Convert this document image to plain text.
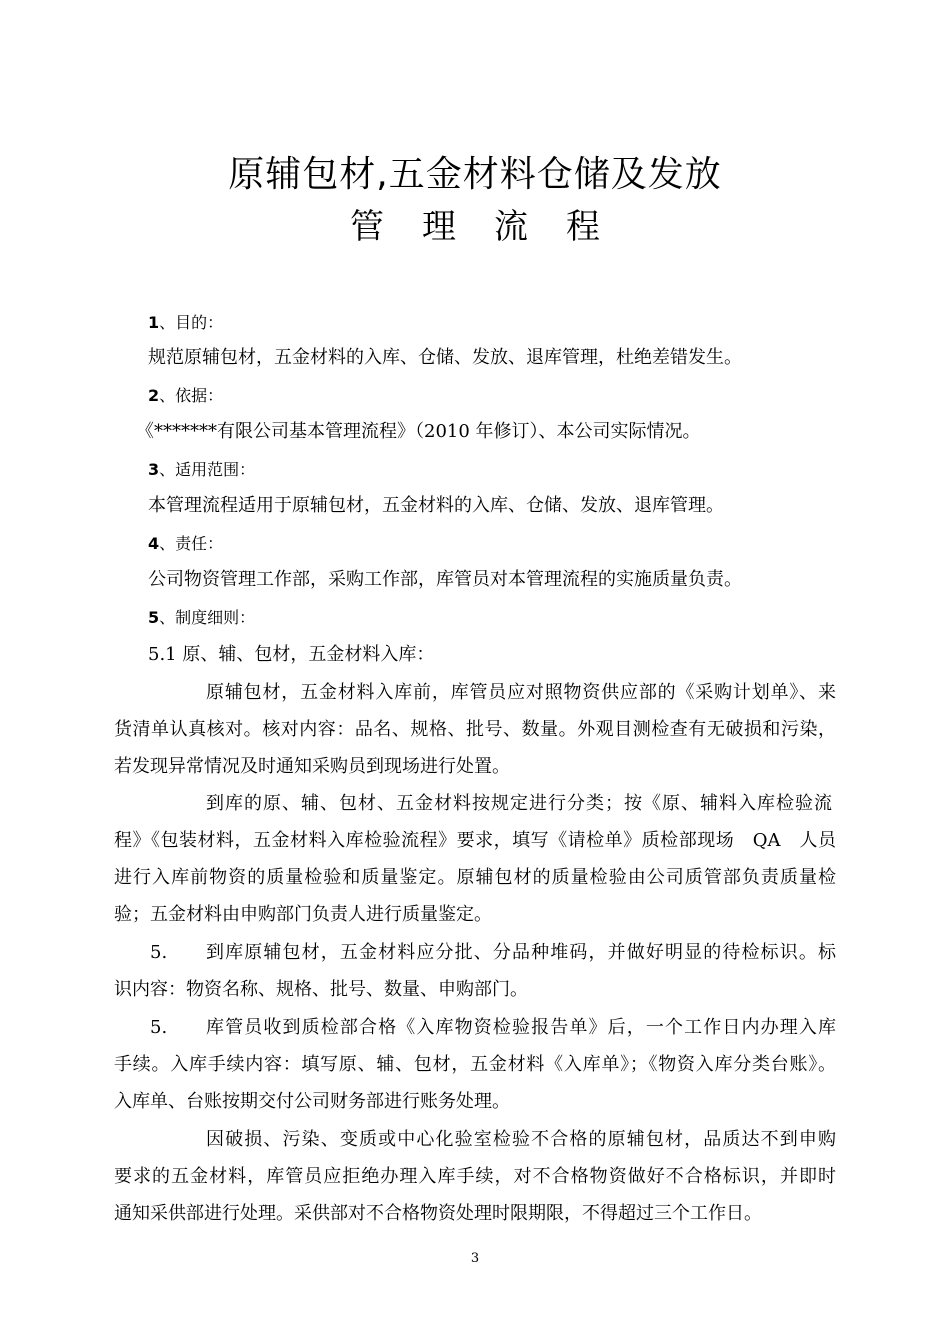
原辅包材,五金材料仓储及发放
管理流程
1、目的：
规范原辅包材，五金材料的入库、仓储、发放、退库管理，杜绝差错发生。
2、依据：
《*******有限公司基本管理流程》（2010 年修订）、本公司实际情况。
3、适用范围：
本管理流程适用于原辅包材，五金材料的入库、仓储、发放、退库管理。
4、责任：
公司物资管理工作部，采购工作部，库管员对本管理流程的实施质量负责。
5、制度细则：
5.1 原、辅、包材，五金材料入库：
原辅包材，五金材料入库前，库管员应对照物资供应部的《采购计划单》、来
货清单认真核对。核对内容：品名、规格、批号、数量。外观目测检查有无破损和污染，
若发现异常情况及时通知采购员到现场进行处置。
到库的原、辅、包材、五金材料按规定进行分类；按《原、辅料入库检验流
程》《包装材料，五金材料入库检验流程》要求，填写《请检单》质检部现场　QA　人员
进行入库前物资的质量检验和质量鉴定。原辅包材的质量检验由公司质管部负责质量检
验；五金材料由申购部门负责人进行质量鉴定。
5. 到库原辅包材，五金材料应分批、分品种堆码，并做好明显的待检标识。标
识内容：物资名称、规格、批号、数量、申购部门。
5. 库管员收到质检部合格《入库物资检验报告单》后，一个工作日内办理入库
手续。入库手续内容：填写原、辅、包材，五金材料《入库单》；《物资入库分类台账》。
入库单、台账按期交付公司财务部进行账务处理。
因破损、污染、变质或中心化验室检验不合格的原辅包材，品质达不到申购
要求的五金材料，库管员应拒绝办理入库手续，对不合格物资做好不合格标识，并即时
通知采供部进行处理。采供部对不合格物资处理时限期限，不得超过三个工作日。
3
